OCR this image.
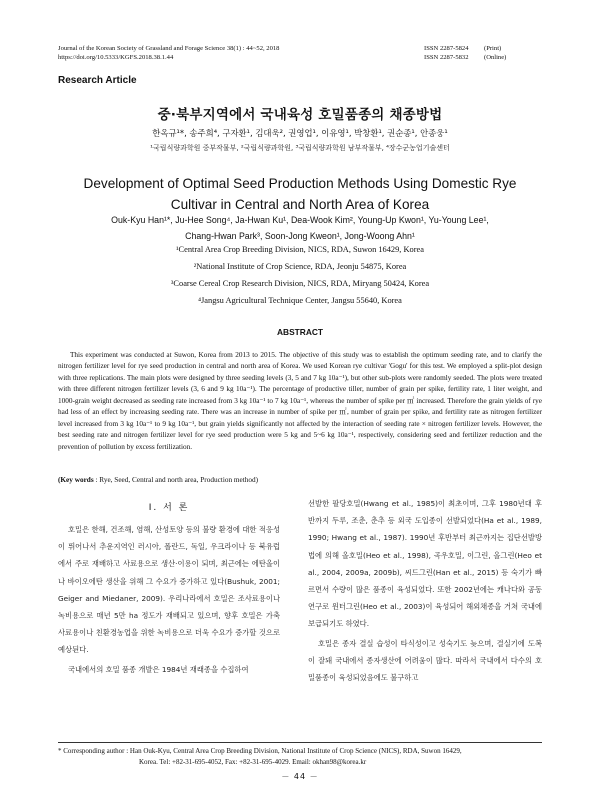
Journal of the Korean Society of Grassland and Forage Science 38(1) : 44~52, 2018
https://doi.org/10.5333/KGFS.2018.38.1.44
ISSN 2287-5824	(Print)
ISSN 2287-5832	(Online)
Research Article
중·북부지역에서 국내육성 호밀품종의 채종방법
한옥규¹*, 송주희⁴, 구자환¹, 김대욱², 권영업¹, 이유영¹, 박창환¹, 권순종¹, 안종웅¹
¹국립식량과학원 중부작물부, ²국립식량과학원, ³국립식량과학원 남부작물부, ⁴장수군농업기술센터
Development of Optimal Seed Production Methods Using Domestic Rye
Cultivar in Central and North Area of Korea
Ouk-Kyu Han¹*, Ju-Hee Song⁴, Ja-Hwan Ku¹, Dea-Wook Kim², Young-Up Kwon¹, Yu-Young Lee¹,
Chang-Hwan Park³, Soon-Jong Kweon¹, Jong-Woong Ahn¹
¹Central Area Crop Breeding Division, NICS, RDA, Suwon 16429, Korea
²National Institute of Crop Science, RDA, Jeonju 54875, Korea
³Coarse Cereal Crop Research Division, NICS, RDA, Miryang 50424, Korea
⁴Jangsu Agricultural Technique Center, Jangsu 55640, Korea
ABSTRACT
This experiment was conducted at Suwon, Korea from 2013 to 2015. The objective of this study was to establish the optimum seeding rate, and to clarify the nitrogen fertilizer level for rye seed production in central and north area of Korea. We used Korean rye cultivar 'Gogu' for this test. We employed a split-plot design with three replications. The main plots were designed by three seeding levels (3, 5 and 7 kg 10a⁻¹), but other sub-plots were randomly seeded. The plots were treated with three different nitrogen fertilizer levels (3, 6 and 9 kg 10a⁻¹). The percentage of productive tiller, number of grain per spike, fertility rate, 1 liter weight, and 1000-grain weight decreased as seeding rate increased from 3 kg 10a⁻¹ to 7 kg 10a⁻¹, whereas the number of spike per ㎡ increased. Therefore the grain yields of rye had less of an effect by increasing seeding rate. There was an increase in number of spike per ㎡, number of grain per spike, and fertility rate as nitrogen fertilizer level increased from 3 kg 10a⁻¹ to 9 kg 10a⁻¹, but grain yields significantly not affected by the interaction of seeding rate × nitrogen fertilizer levels. However, the best seeding rate and nitrogen fertilizer level for rye seed production were 5 kg and 5~6 kg 10a⁻¹, respectively, considering seed and fertilizer reduction and the prevention of pollution by excess fertilization.
(Key words : Rye, Seed, Central and north area, Production method)
Ⅰ. 서 론

호밀은 한해, 건조해, 염해, 산성토양 등의 불량 환경에 대한 적응성이 뛰어나서 추운지역인 러시아, 폴란드, 독일, 우크라이나 등 북유럽에서 주로 재배하고 사료용으로 생산·이용이 되며, 최근에는 에탄올이나 바이오에탄 생산을 위해 그 수요가 증가하고 있다(Bushuk, 2001; Geiger and Miedaner, 2009). 우리나라에서 호밀은 조사료용이나 녹비용으로 매년 5만 ha 정도가 재배되고 있으며, 향후 호밀은 가축 사료용이나 친환경농업을 위한 녹비용으로 더욱 수요가 증가할 것으로 예상된다.

국내에서의 호밀 품종 개발은 1984년 재래종을 수집하여

선발한 팔당호밀(Hwang et al., 1985)이 최초이며, 그후 1980년대 후반까지 두루, 조춘, 춘추 등 외국 도입종이 선발되었다(Ha et al., 1989, 1990; Hwang et al., 1987). 1990년 후반부터 최근까지는 집단선발방법에 의해 올호밀(Heo et al., 1998), 곡우호밀, 이그린, 올그린(Heo et al., 2004, 2009a, 2009b), 씨드그린(Han et al., 2015) 등 숙기가 빠르면서 수량이 많은 품종이 육성되었다. 또한 2002년에는 캐나다와 공동연구로 윈터그린(Heo et al., 2003)이 육성되어 해외채종을 거쳐 국내에 보급되기도 하였다.

호밀은 종자 결실 습성이 타식성이고 성숙기도 늦으며, 결실기에 도복이 잘돼 국내에서 종자생산에 어려움이 많다. 따라서 국내에서 다수의 호밀품종이 육성되었음에도 불구하고

* Corresponding author : Han Ouk-Kyu, Central Area Crop Breeding Division, National Institute of Crop Science (NICS), RDA, Suwon 16429,
Korea. Tel: +82-31-695-4052, Fax: +82-31-695-4029. Email: okhan98@korea.kr
－ 44 －
